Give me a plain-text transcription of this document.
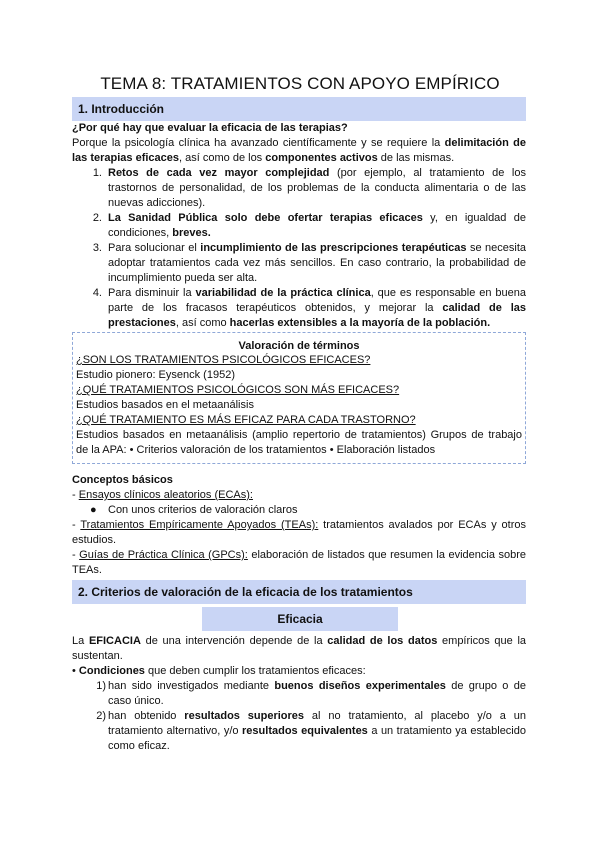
TEMA 8: TRATAMIENTOS CON APOYO EMPÍRICO
1. Introducción
¿Por qué hay que evaluar la eficacia de las terapias?
Porque la psicología clínica ha avanzado científicamente y se requiere la delimitación de
las terapias eficaces, así como de los componentes activos de las mismas.
1. Retos de cada vez mayor complejidad (por ejemplo, al tratamiento de los
trastornos de personalidad, de los problemas de la conducta alimentaria o de las
nuevas adicciones).
2. La Sanidad Pública solo debe ofertar terapias eficaces y, en igualdad de
condiciones, breves.
3. Para solucionar el incumplimiento de las prescripciones terapéuticas se necesita
adoptar tratamientos cada vez más sencillos. En caso contrario, la probabilidad de
incumplimiento pueda ser alta.
4. Para disminuir la variabilidad de la práctica clínica, que es responsable en buena
parte de los fracasos terapéuticos obtenidos, y mejorar la calidad de las
prestaciones, así como hacerlas extensibles a la mayoría de la población.
Valoración de términos
¿SON LOS TRATAMIENTOS PSICOLÓGICOS EFICACES?
Estudio pionero: Eysenck (1952)
¿QUÉ TRATAMIENTOS PSICOLÓGICOS SON MÁS EFICACES?
Estudios basados en el metaanálisis
¿QUÉ TRATAMIENTO ES MÁS EFICAZ PARA CADA TRASTORNO?
Estudios basados en metaanálisis (amplio repertorio de tratamientos) Grupos de trabajo
de la APA: • Criterios valoración de los tratamientos • Elaboración listados
Conceptos básicos
- Ensayos clínicos aleatorios (ECAs):
● Con unos criterios de valoración claros
- Tratamientos Empíricamente Apoyados (TEAs): tratamientos avalados por ECAs y otros
estudios.
- Guías de Práctica Clínica (GPCs): elaboración de listados que resumen la evidencia sobre
TEAs.
2. Criterios de valoración de la eficacia de los tratamientos
Eficacia
La EFICACIA de una intervención depende de la calidad de los datos empíricos que la
sustentan.
• Condiciones que deben cumplir los tratamientos eficaces:
1) han sido investigados mediante buenos diseños experimentales de grupo o de
caso único.
2) han obtenido resultados superiores al no tratamiento, al placebo y/o a un
tratamiento alternativo, y/o resultados equivalentes a un tratamiento ya establecido
como eficaz.
